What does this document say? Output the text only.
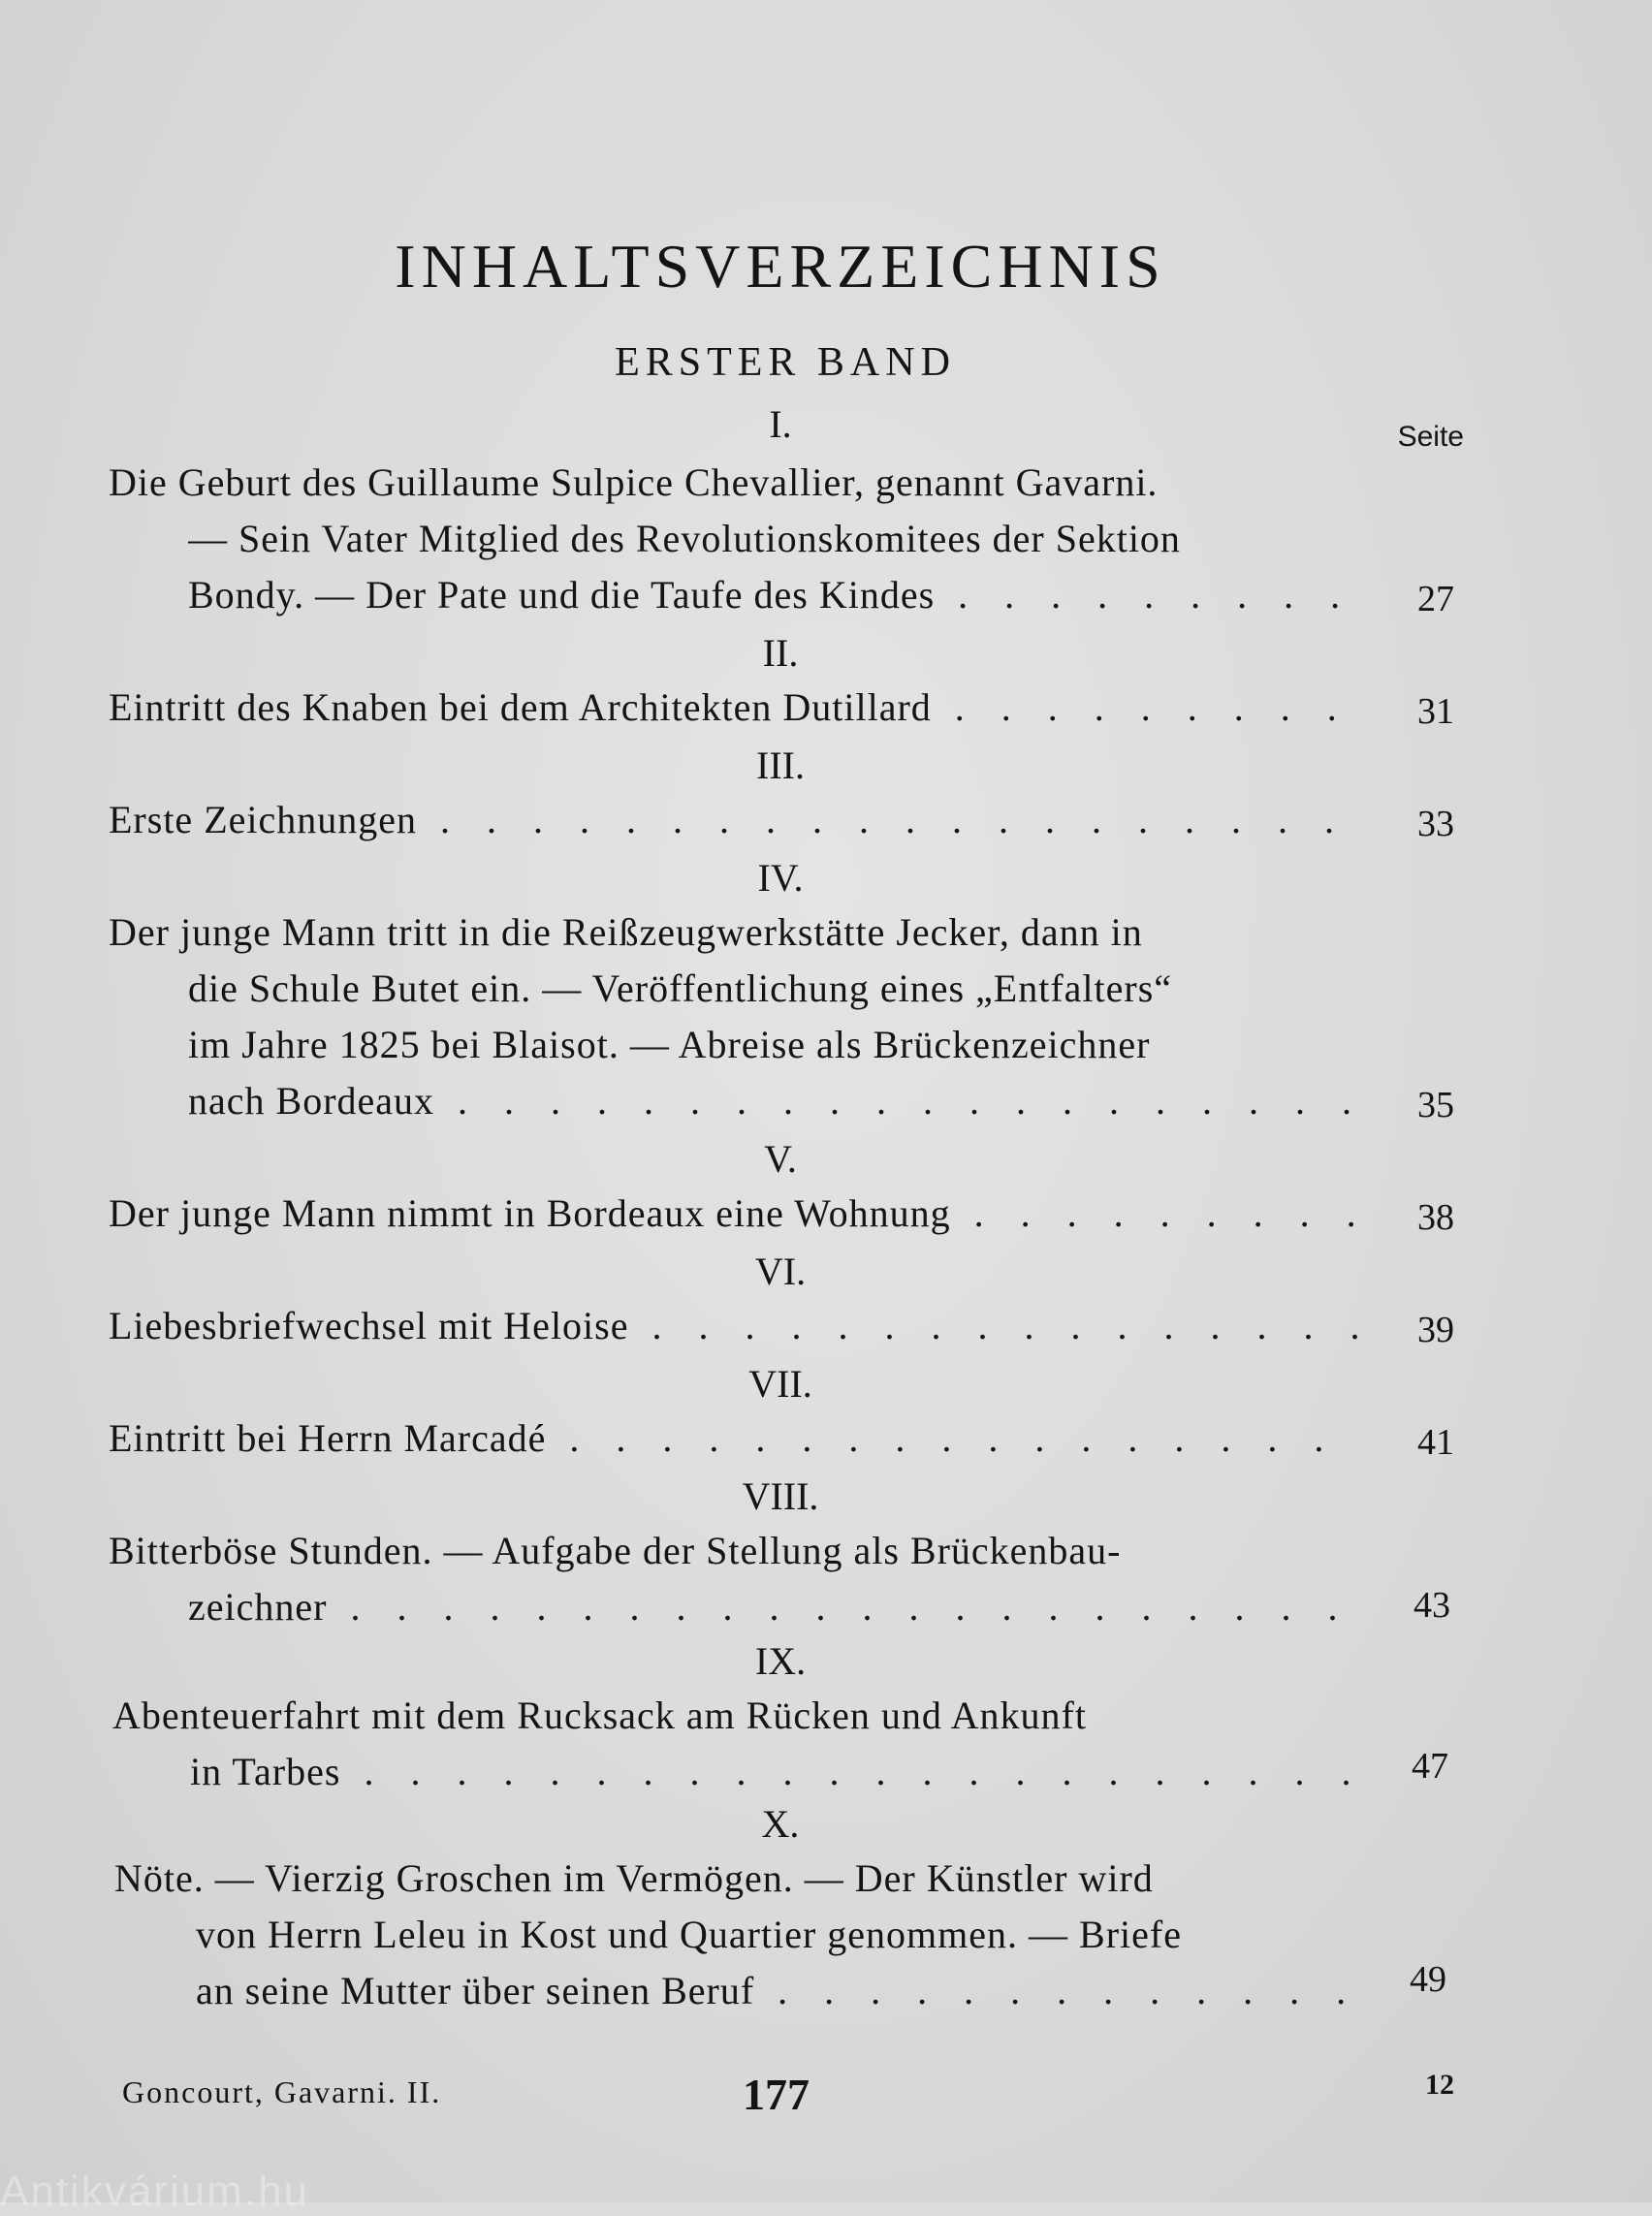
INHALTSVERZEICHNIS
ERSTER BAND
Seite
I.
Die Geburt des Guillaume Sulpice Chevallier, genannt Gavarni.
— Sein Vater Mitglied des Revolutionskomitees der Sektion
Bondy. — Der Pate und die Taufe des Kindes . . .	27
II.
Eintritt des Knaben bei dem Architekten Dutillard . . .	31
III.
Erste Zeichnungen . . .	33
IV.
Der junge Mann tritt in die Reißzeugwerkstätte Jecker, dann in
die Schule Butet ein. — Veröffentlichung eines „Entfalters“
im Jahre 1825 bei Blaisot. — Abreise als Brückenzeichner
nach Bordeaux . . .	35
V.
Der junge Mann nimmt in Bordeaux eine Wohnung . . .	38
VI.
Liebesbriefwechsel mit Heloise . . .	39
VII.
Eintritt bei Herrn Marcadé . . .	41
VIII.
Bitterböse Stunden. — Aufgabe der Stellung als Brückenbau-
zeichner . . .	43
IX.
Abenteuerfahrt mit dem Rucksack am Rücken und Ankunft
in Tarbes . . .	47
X.
Nöte. — Vierzig Groschen im Vermögen. — Der Künstler wird
von Herrn Leleu in Kost und Quartier genommen. — Briefe
an seine Mutter über seinen Beruf . . .	49
Goncourt, Gavarni. II.	177	12
Antikvárium.hu
